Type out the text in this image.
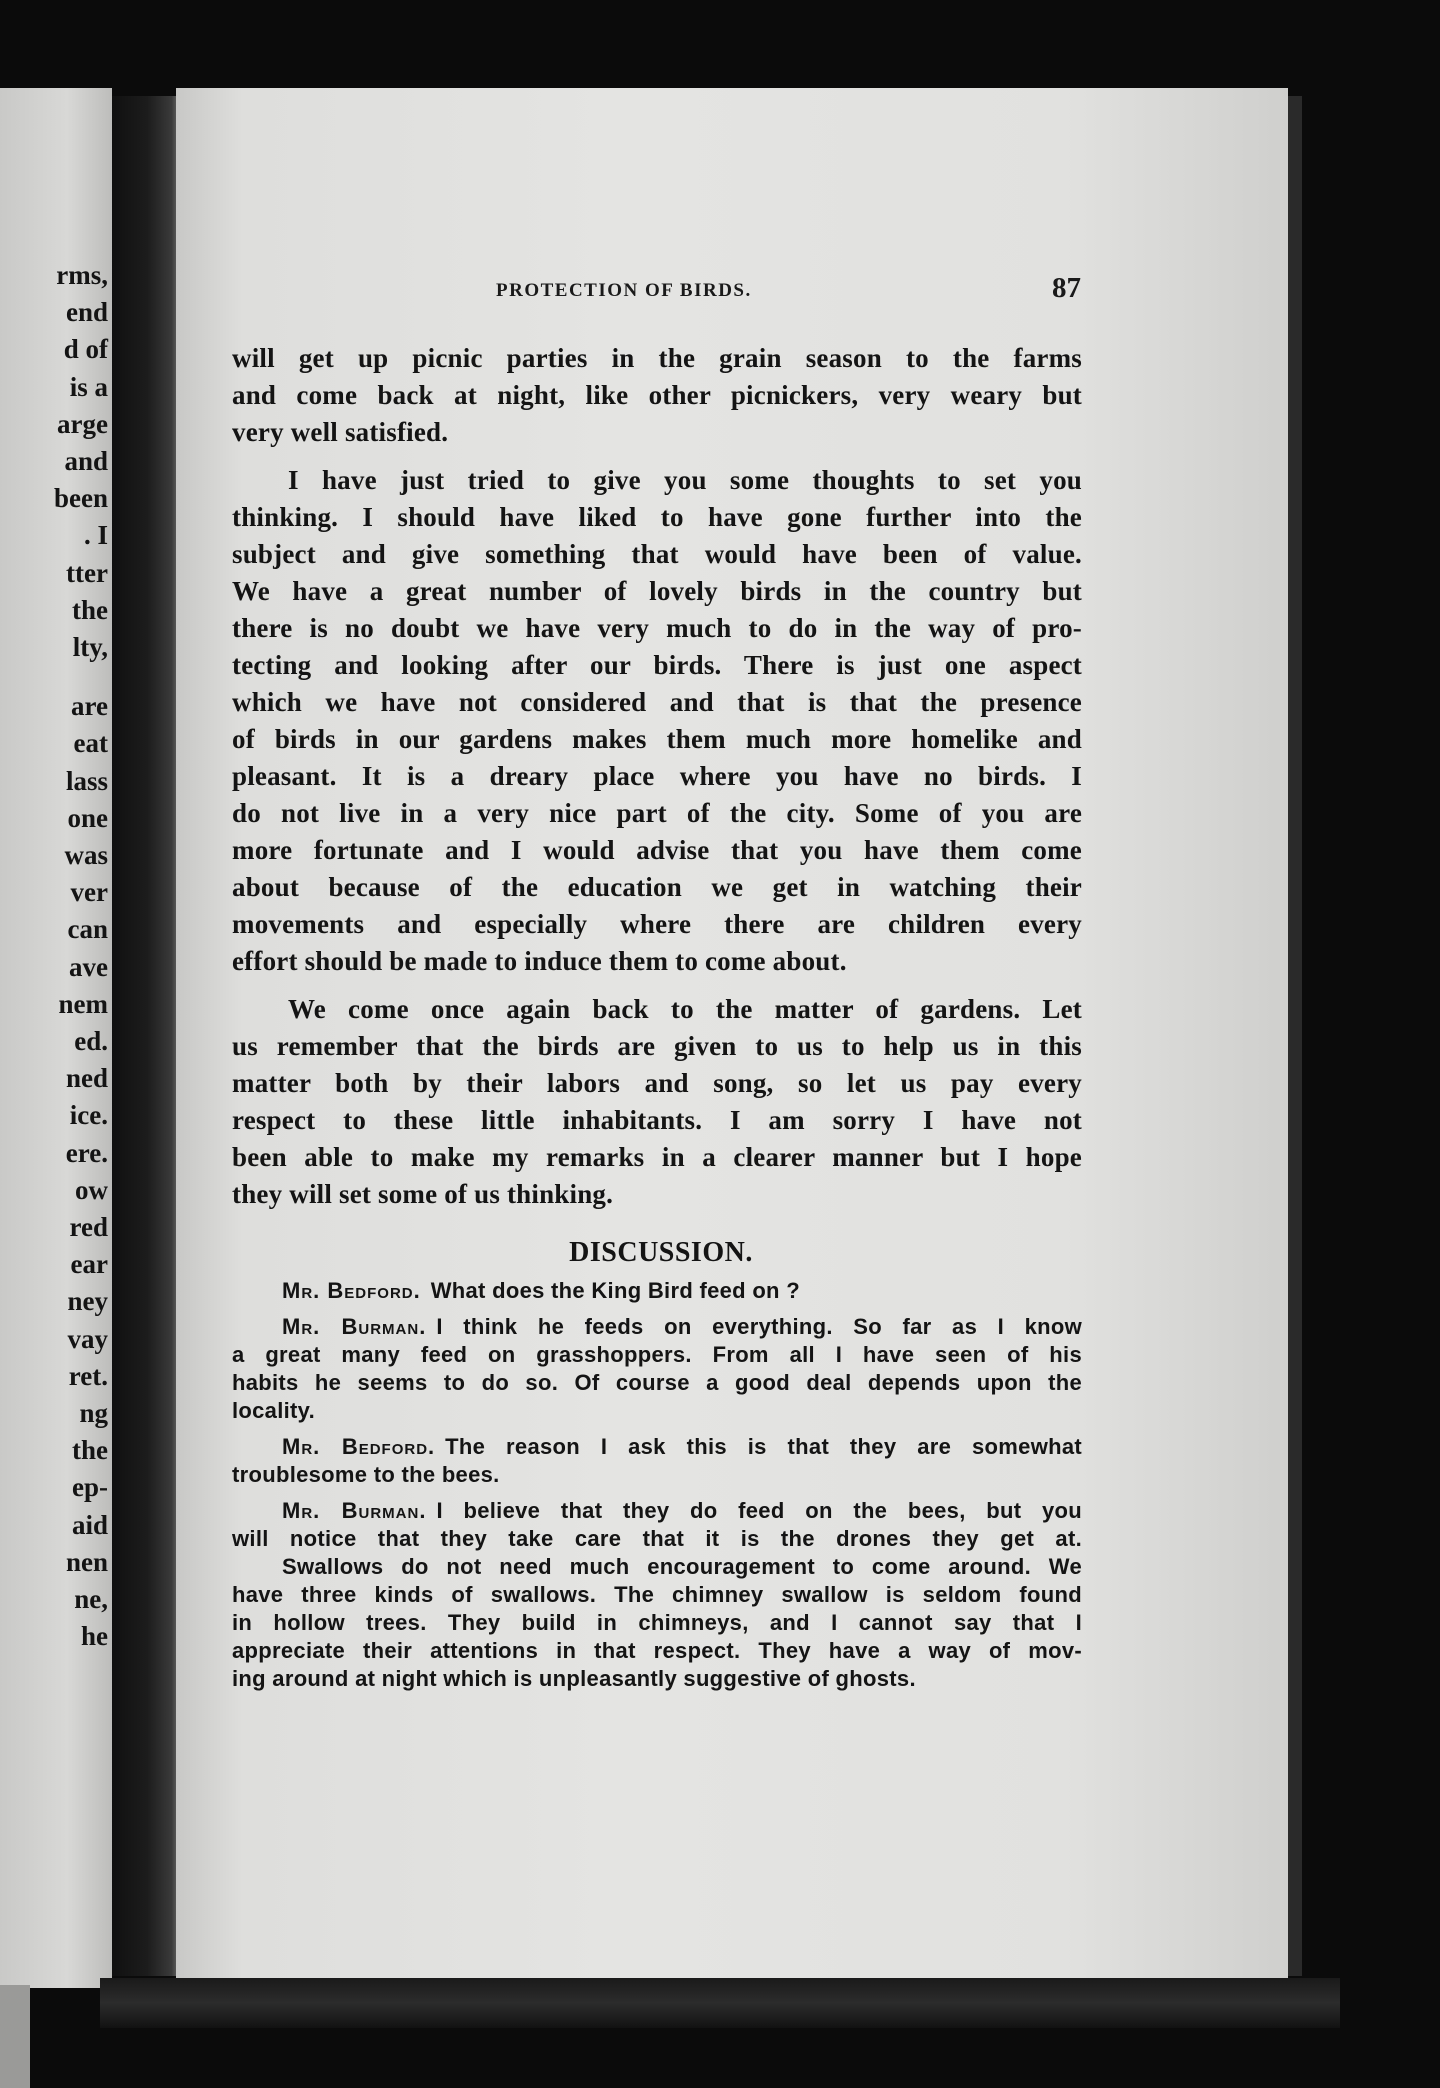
rms,
end
d of
is a
arge
and
been
. I
tter
the
lty,
are
eat
lass
one
was
ver
can
ave
nem
ed.
ned
ice.
ere.
ow
red
ear
ney
vay
ret.
ng
the
ep-
aid
nen
ne,
he
PROTECTION OF BIRDS.	87
will get up picnic parties in the grain season to the farms
and come back at night, like other picnickers, very weary but
very well satisfied.
I have just tried to give you some thoughts to set you
thinking. I should have liked to have gone further into the
subject and give something that would have been of value.
We have a great number of lovely birds in the country but
there is no doubt we have very much to do in the way of pro-
tecting and looking after our birds. There is just one aspect
which we have not considered and that is that the presence
of birds in our gardens makes them much more homelike and
pleasant. It is a dreary place where you have no birds. I
do not live in a very nice part of the city. Some of you are
more fortunate and I would advise that you have them come
about because of the education we get in watching their
movements and especially where there are children every
effort should be made to induce them to come about.
We come once again back to the matter of gardens. Let
us remember that the birds are given to us to help us in this
matter both by their labors and song, so let us pay every
respect to these little inhabitants. I am sorry I have not
been able to make my remarks in a clearer manner but I hope
they will set some of us thinking.
DISCUSSION.
Mr. Bedford. What does the King Bird feed on ?
Mr. Burman. I think he feeds on everything. So far as I know
a great many feed on grasshoppers. From all I have seen of his
habits he seems to do so. Of course a good deal depends upon the
locality.
Mr. Bedford. The reason I ask this is that they are somewhat
troublesome to the bees.
Mr. Burman. I believe that they do feed on the bees, but you
will notice that they take care that it is the drones they get at.
Swallows do not need much encouragement to come around. We
have three kinds of swallows. The chimney swallow is seldom found
in hollow trees. They build in chimneys, and I cannot say that I
appreciate their attentions in that respect. They have a way of mov-
ing around at night which is unpleasantly suggestive of ghosts.
